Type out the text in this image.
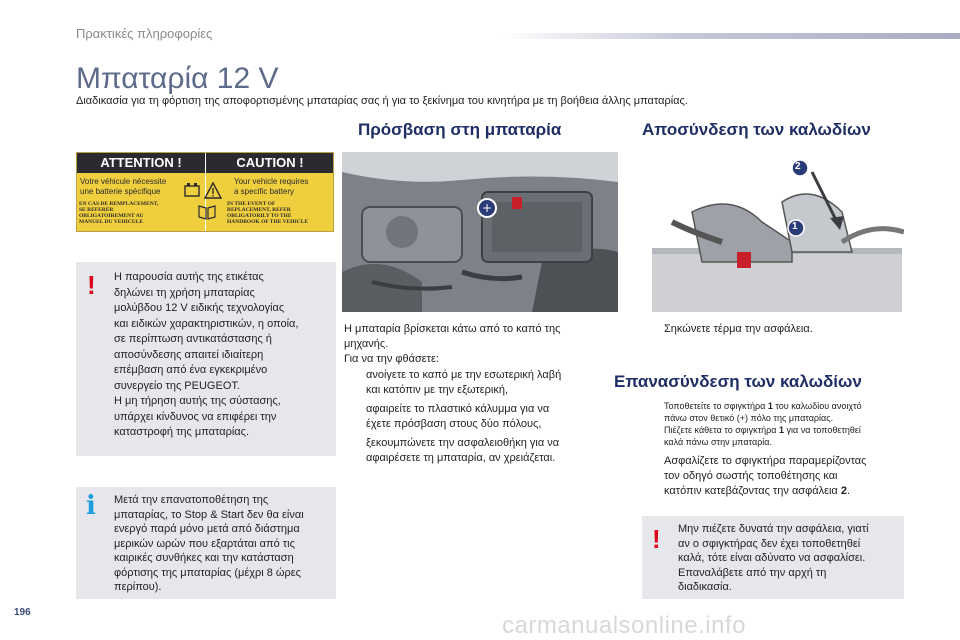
Πρακτικές πληροφορίες
Μπαταρία 12 V
Διαδικασία για τη φόρτιση της αποφορτισμένης μπαταρίας σας ή για το ξεκίνημα του κινητήρα με τη βοήθεια άλλης μπαταρίας.
Πρόσβαση στη μπαταρία	Αποσύνδεση των καλωδίων
ATTENTION !	CAUTION !
Votre véhicule nécessite
une batterie spécifique
Your vehicle requires
a specific battery
EN CAS DE REMPLACEMENT,
SE REFERER
OBLIGATOIREMENT AU
MANUEL DU VEHICULE
IN THE EVENT OF
REPLACEMENT, REFER
OBLIGATORILY TO THE
HANDBOOK OF THE VEHICLE
! Η παρουσία αυτής της ετικέτας
δηλώνει τη χρήση μπαταρίας
μολύβδου 12 V ειδικής τεχνολογίας
και ειδικών χαρακτηριστικών, η οποία,
σε περίπτωση αντικατάστασης ή
αποσύνδεσης απαιτεί ιδιαίτερη
επέμβαση από ένα εγκεκριμένο
συνεργείο της PEUGEOT.
Η μη τήρηση αυτής της σύστασης,
υπάρχει κίνδυνος να επιφέρει την
καταστροφή της μπαταρίας.
i Μετά την επανατοποθέτηση της
μπαταρίας, το Stop & Start δεν θα είναι
ενεργό παρά μόνο μετά από διάστημα
μερικών ωρών που εξαρτάται από τις
καιρικές συνθήκες και την κατάσταση
φόρτισης της μπαταρίας (μέχρι 8 ώρες
περίπου).
+
2
1
Η μπαταρία βρίσκεται κάτω από το καπό της
μηχανής.
Για να την φθάσετε:
ανοίγετε το καπό με την εσωτερική λαβή
και κατόπιν με την εξωτερική,
αφαιρείτε το πλαστικό κάλυμμα για να
έχετε πρόσβαση στους δύο πόλους,
ξεκουμπώνετε την ασφαλειοθήκη για να
αφαιρέσετε τη μπαταρία, αν χρειάζεται.
Σηκώνετε τέρμα την ασφάλεια.
Επανασύνδεση των καλωδίων
Τοποθετείτε το σφιγκτήρα 1 του καλωδίου ανοιχτό
πάνω στον θετικό (+) πόλο της μπαταρίας.
Πιέζετε κάθετα το σφιγκτήρα 1 για να τοποθετηθεί
καλά πάνω στην μπαταρία.
Ασφαλίζετε το σφιγκτήρα παραμερίζοντας
τον οδηγό σωστής τοποθέτησης και
κατόπιν κατεβάζοντας την ασφάλεια 2.
! Μην πιέζετε δυνατά την ασφάλεια, γιατί
αν ο σφιγκτήρας δεν έχει τοποθετηθεί
καλά, τότε είναι αδύνατο να ασφαλίσει.
Επαναλάβετε από την αρχή τη
διαδικασία.
196	carmanualsonline.info
